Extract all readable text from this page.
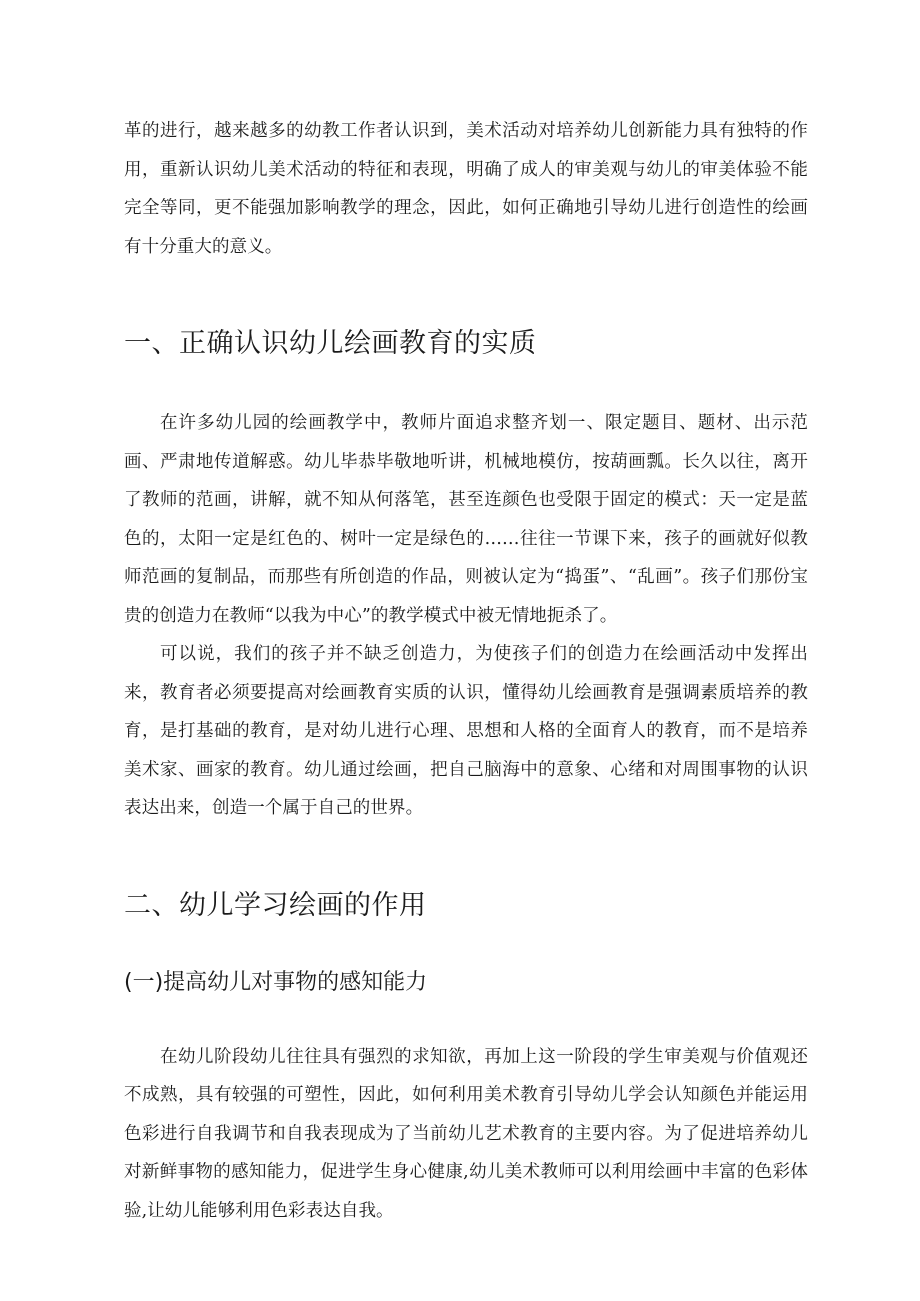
革的进行，越来越多的幼教工作者认识到，美术活动对培养幼儿创新能力具有独特的作用，重新认识幼儿美术活动的特征和表现，明确了成人的审美观与幼儿的审美体验不能完全等同，更不能强加影响教学的理念，因此，如何正确地引导幼儿进行创造性的绘画有十分重大的意义。

一、正确认识幼儿绘画教育的实质

在许多幼儿园的绘画教学中，教师片面追求整齐划一、限定题目、题材、出示范画、严肃地传道解惑。幼儿毕恭毕敬地听讲，机械地模仿，按葫画瓢。长久以往，离开了教师的范画，讲解，就不知从何落笔，甚至连颜色也受限于固定的模式：天一定是蓝色的，太阳一定是红色的、树叶一定是绿色的……往往一节课下来，孩子的画就好似教师范画的复制品，而那些有所创造的作品，则被认定为“捣蛋”、“乱画”。孩子们那份宝贵的创造力在教师“以我为中心”的教学模式中被无情地扼杀了。

可以说，我们的孩子并不缺乏创造力，为使孩子们的创造力在绘画活动中发挥出来，教育者必须要提高对绘画教育实质的认识，懂得幼儿绘画教育是强调素质培养的教育，是打基础的教育，是对幼儿进行心理、思想和人格的全面育人的教育，而不是培养美术家、画家的教育。幼儿通过绘画，把自己脑海中的意象、心绪和对周围事物的认识表达出来，创造一个属于自己的世界。

二、幼儿学习绘画的作用
(一)提高幼儿对事物的感知能力

在幼儿阶段幼儿往往具有强烈的求知欲，再加上这一阶段的学生审美观与价值观还不成熟，具有较强的可塑性，因此，如何利用美术教育引导幼儿学会认知颜色并能运用色彩进行自我调节和自我表现成为了当前幼儿艺术教育的主要内容。为了促进培养幼儿对新鲜事物的感知能力，促进学生身心健康,幼儿美术教师可以利用绘画中丰富的色彩体验,让幼儿能够利用色彩表达自我。
